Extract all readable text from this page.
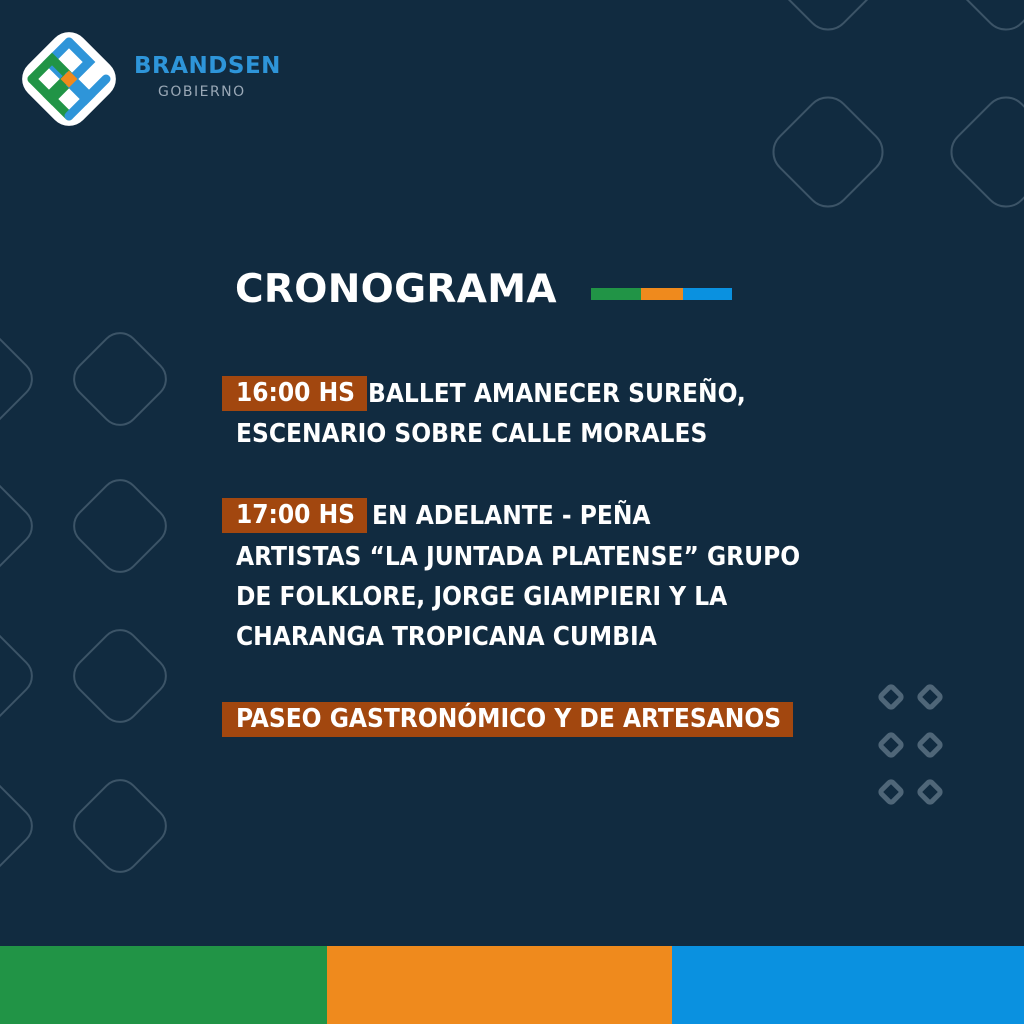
BRANDSEN
GOBIERNO
CRONOGRAMA
16:00 HS BALLET AMANECER SUREÑO,
ESCENARIO SOBRE CALLE MORALES
17:00 HS EN ADELANTE - PEÑA
ARTISTAS “LA JUNTADA PLATENSE” GRUPO
DE FOLKLORE, JORGE GIAMPIERI Y LA
CHARANGA TROPICANA CUMBIA
PASEO GASTRONÓMICO Y DE ARTESANOS
